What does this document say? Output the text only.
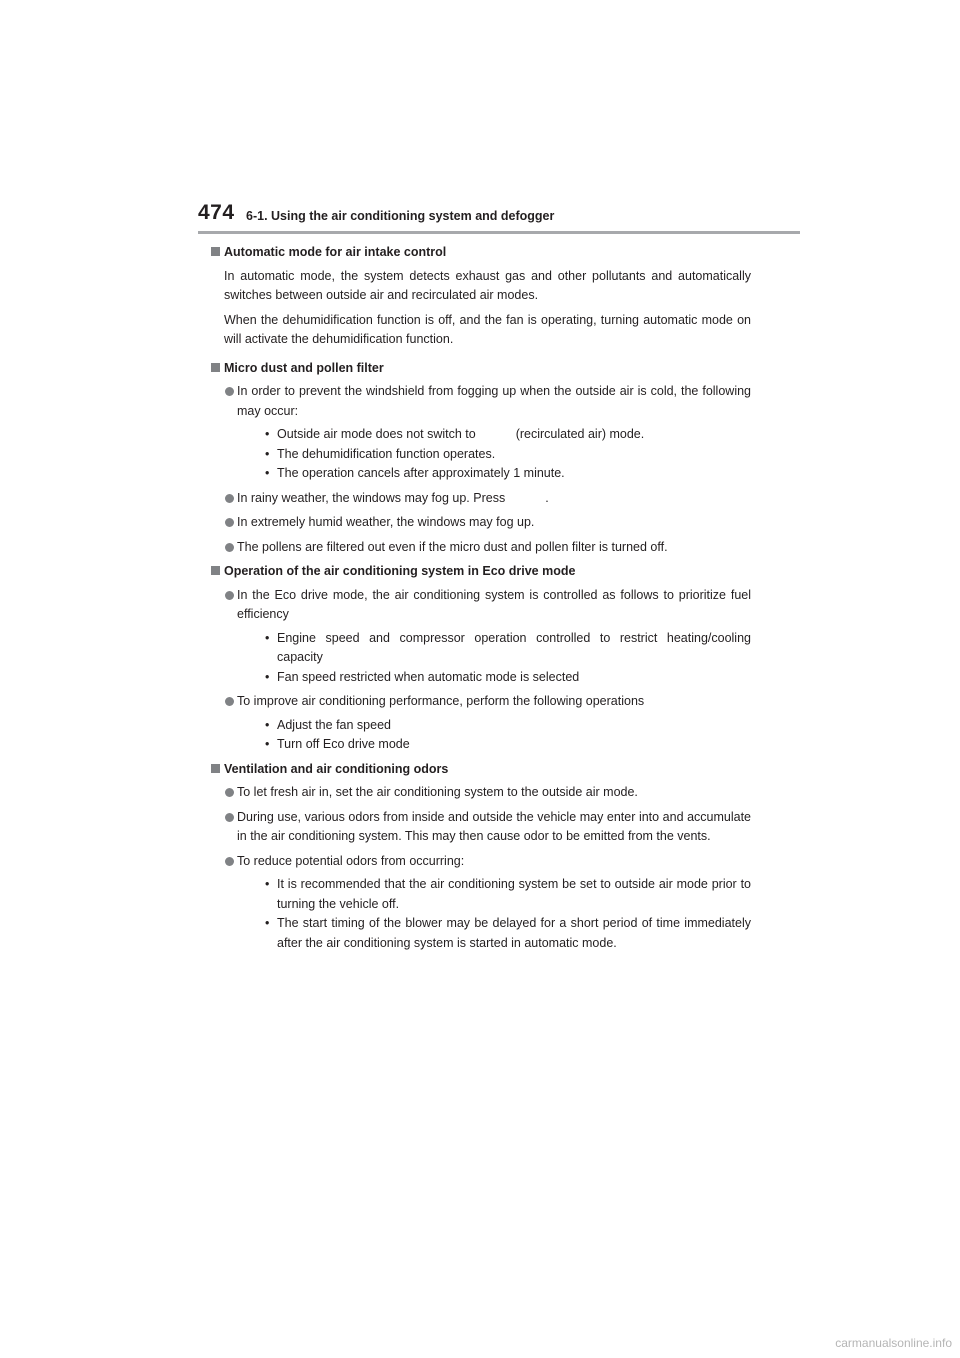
474 6-1. Using the air conditioning system and defogger
Automatic mode for air intake control
In automatic mode, the system detects exhaust gas and other pollutants and automatically switches between outside air and recirculated air modes.
When the dehumidification function is off, and the fan is operating, turning automatic mode on will activate the dehumidification function.
Micro dust and pollen filter
In order to prevent the windshield from fogging up when the outside air is cold, the following may occur:
• Outside air mode does not switch to	(recirculated air) mode.
• The dehumidification function operates.
• The operation cancels after approximately 1 minute.
In rainy weather, the windows may fog up. Press	.
In extremely humid weather, the windows may fog up.
The pollens are filtered out even if the micro dust and pollen filter is turned off.
Operation of the air conditioning system in Eco drive mode
In the Eco drive mode, the air conditioning system is controlled as follows to prioritize fuel efficiency
• Engine speed and compressor operation controlled to restrict heating/cooling capacity
• Fan speed restricted when automatic mode is selected
To improve air conditioning performance, perform the following operations
• Adjust the fan speed
• Turn off Eco drive mode
Ventilation and air conditioning odors
To let fresh air in, set the air conditioning system to the outside air mode.
During use, various odors from inside and outside the vehicle may enter into and accumulate in the air conditioning system. This may then cause odor to be emitted from the vents.
To reduce potential odors from occurring:
• It is recommended that the air conditioning system be set to outside air mode prior to turning the vehicle off.
• The start timing of the blower may be delayed for a short period of time immediately after the air conditioning system is started in automatic mode.
carmanualsonline.info
